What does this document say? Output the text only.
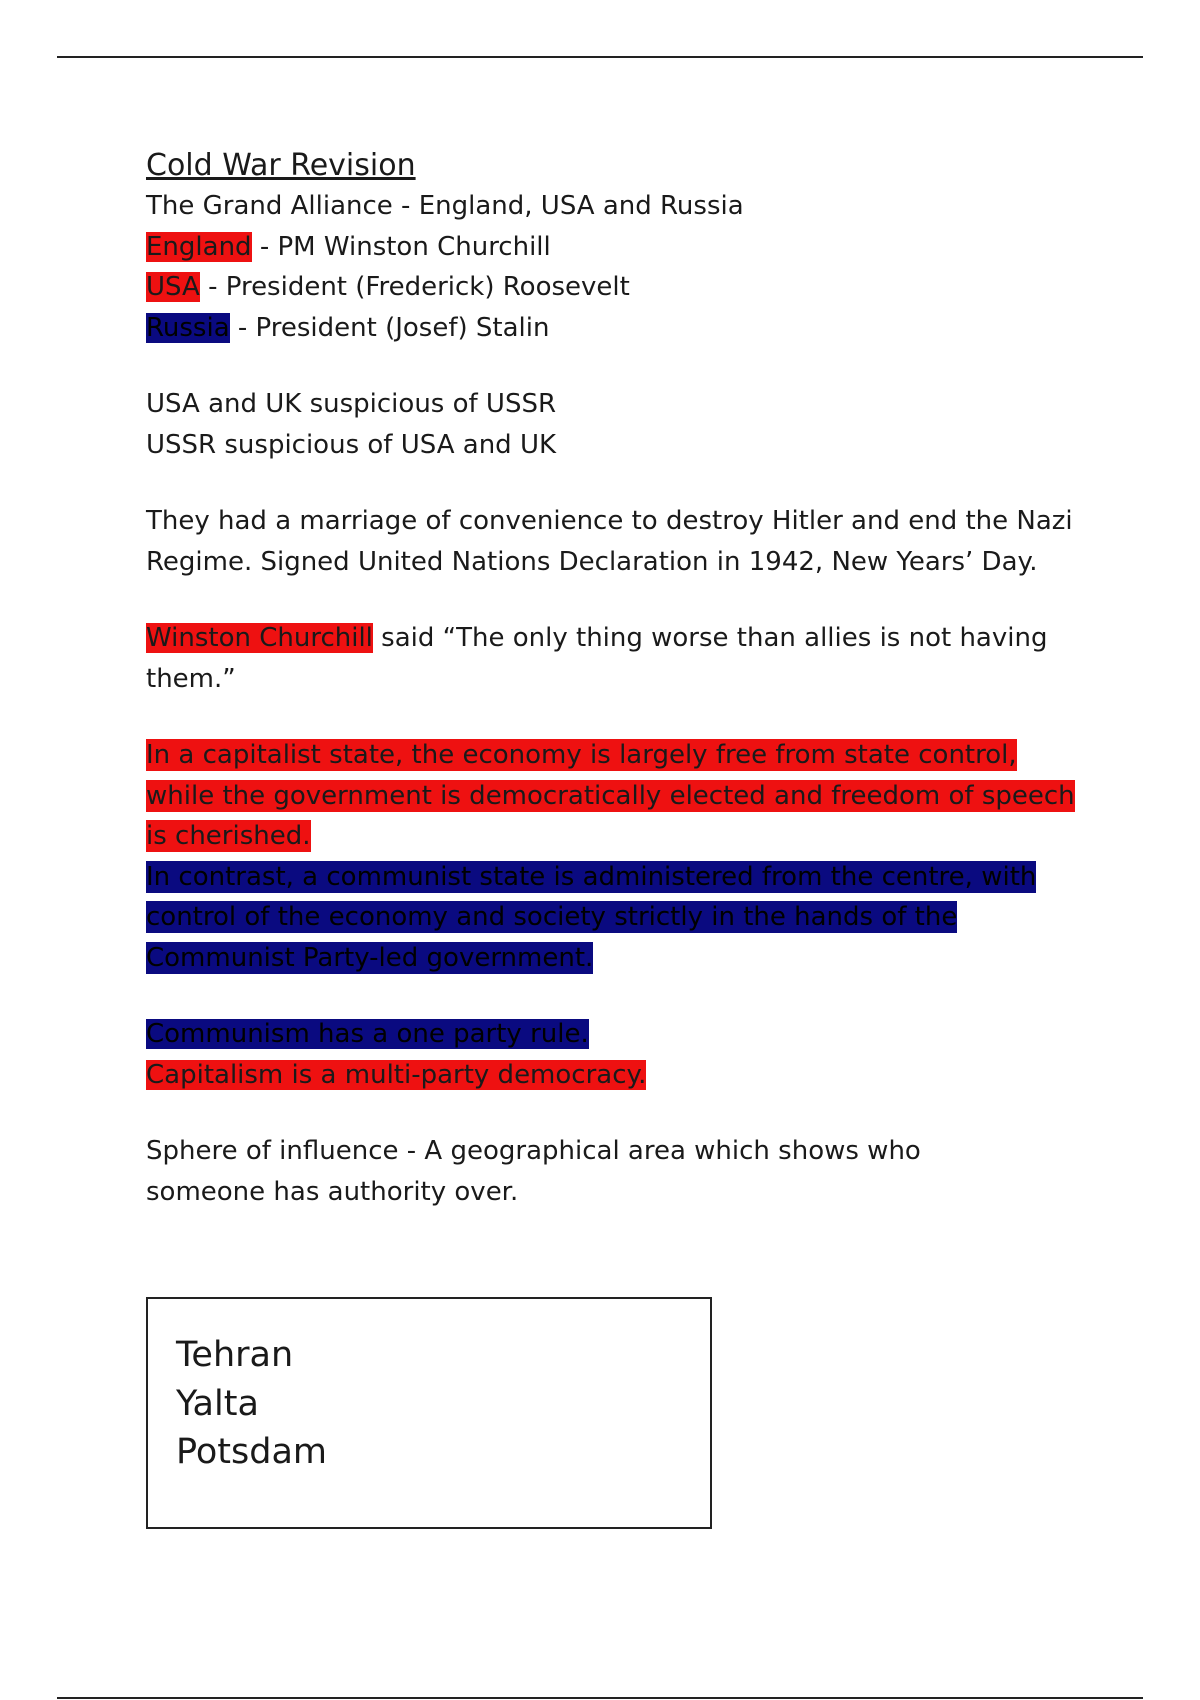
Cold War Revision

The Grand Alliance - England, USA and Russia

England - PM Winston Churchill

USA - President (Frederick) Roosevelt

Russia - President (Josef) Stalin

USA and UK suspicious of USSR

USSR suspicious of USA and UK

They had a marriage of convenience to destroy Hitler and end the Nazi Regime. Signed United Nations Declaration in 1942, New Years’ Day.

Winston Churchill said “The only thing worse than allies is not having them.”

In a capitalist state, the economy is largely free from state control, while the government is democratically elected and freedom of speech is cherished.

In contrast, a communist state is administered from the centre, with control of the economy and society strictly in the hands of the Communist Party-led government.

Communism has a one party rule.

Capitalism is a multi-party democracy.

Sphere of influence - A geographical area which shows who someone has authority over.

Tehran
Yalta
Potsdam
